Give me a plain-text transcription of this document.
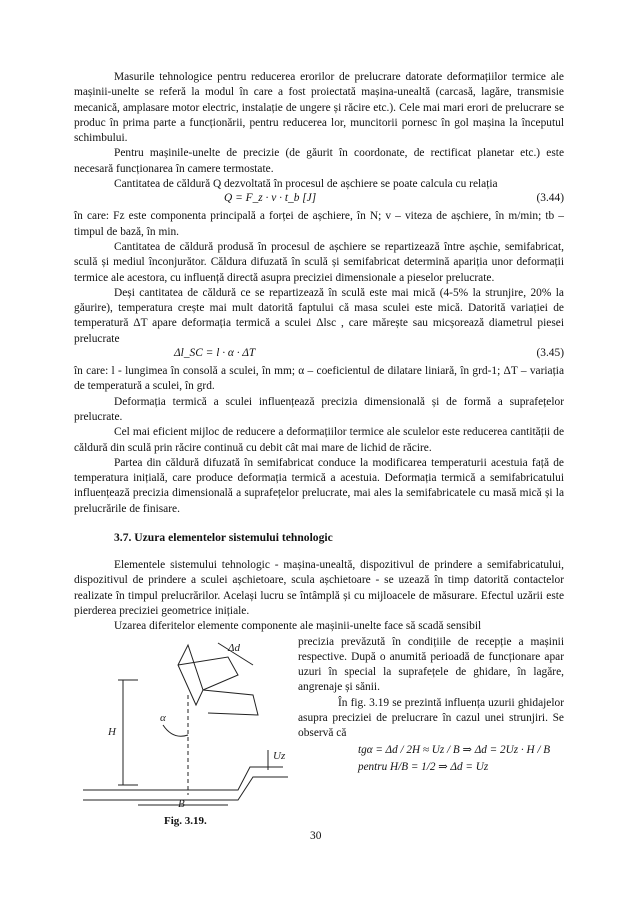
Masurile tehnologice pentru reducerea erorilor de prelucrare datorate deformațiilor termice ale mașinii-unelte se referă la modul în care a fost proiectată mașina-unealtă (carcasă, lagăre, transmisie mecanică, amplasare motor electric, instalație de ungere și răcire etc.). Cele mai mari erori de prelucrare se produc în prima parte a funcționării, pentru reducerea lor, muncitorii pornesc în gol mașina la începutul schimbului.

Pentru mașinile-unelte de precizie (de găurit în coordonate, de rectificat planetar etc.) este necesară funcționarea în camere termostate.

Cantitatea de căldură Q dezvoltată în procesul de așchiere se poate calcula cu relația

Q = F_z · v · t_b [J]	(3.44)

în care: Fz este componenta principală a forței de așchiere, în N; v – viteza de așchiere, în m/min; tb – timpul de bază, în min.

Cantitatea de căldură produsă în procesul de așchiere se repartizează între așchie, semifabricat, sculă și mediul înconjurător. Căldura difuzată în sculă și semifabricat determină apariția unor deformații termice ale acestora, cu influență directă asupra preciziei dimensionale a pieselor prelucrate.

Deși cantitatea de căldură ce se repartizează în sculă este mai mică (4-5% la strunjire, 20% la găurire), temperatura crește mai mult datorită faptului că masa sculei este mică. Datorită variației de temperatură ΔT apare deformația termică a sculei Δlsc , care mărește sau micșorează diametrul piesei prelucrate

Δl_SC = l · α · ΔT	(3.45)

în care: l - lungimea în consolă a sculei, în mm; α – coeficientul de dilatare liniară, în grd-1; ΔT – variația de temperatură a sculei, în grd.

Deformația termică a sculei influențează precizia dimensională și de formă a suprafețelor prelucrate.

Cel mai eficient mijloc de reducere a deformațiilor termice ale sculelor este reducerea cantității de căldură din sculă prin răcire continuă cu debit cât mai mare de lichid de răcire.

Partea din căldură difuzată în semifabricat conduce la modificarea temperaturii acestuia față de temperatura inițială, care produce deformația termică a acestuia. Deformația termică a semifabricatului influențează precizia dimensională a suprafețelor prelucrate, mai ales la semifabricatele cu masă mică și la prelucrările de finisare.

3.7. Uzura elementelor sistemului tehnologic

Elementele sistemului tehnologic - mașina-unealtă, dispozitivul de prindere a semifabricatului, dispozitivul de prindere a sculei așchietoare, scula așchietoare - se uzează în timp datorită contactelor realizate în timpul prelucrărilor. Același lucru se întâmplă și cu mijloacele de măsurare. Efectul uzării este pierderea preciziei geometrice inițiale.

Uzarea diferitelor elemente componente ale mașinii-unelte face să scadă sensibil

H
B
α
Δd
Uz

precizia prevăzută în condițiile de recepție a mașinii respective. După o anumită perioadă de funcționare apar uzuri în special la suprafețele de ghidare, în lagăre, angrenaje și sănii.

În fig. 3.19 se prezintă influența uzurii ghidajelor asupra preciziei de prelucrare în cazul unei strunjiri. Se observă că

tgα = Δd / 2H ≈ Uz / B ⇒ Δd = 2Uz · H / B
pentru H/B = 1/2 ⇒ Δd = Uz
Fig. 3.19.
30
